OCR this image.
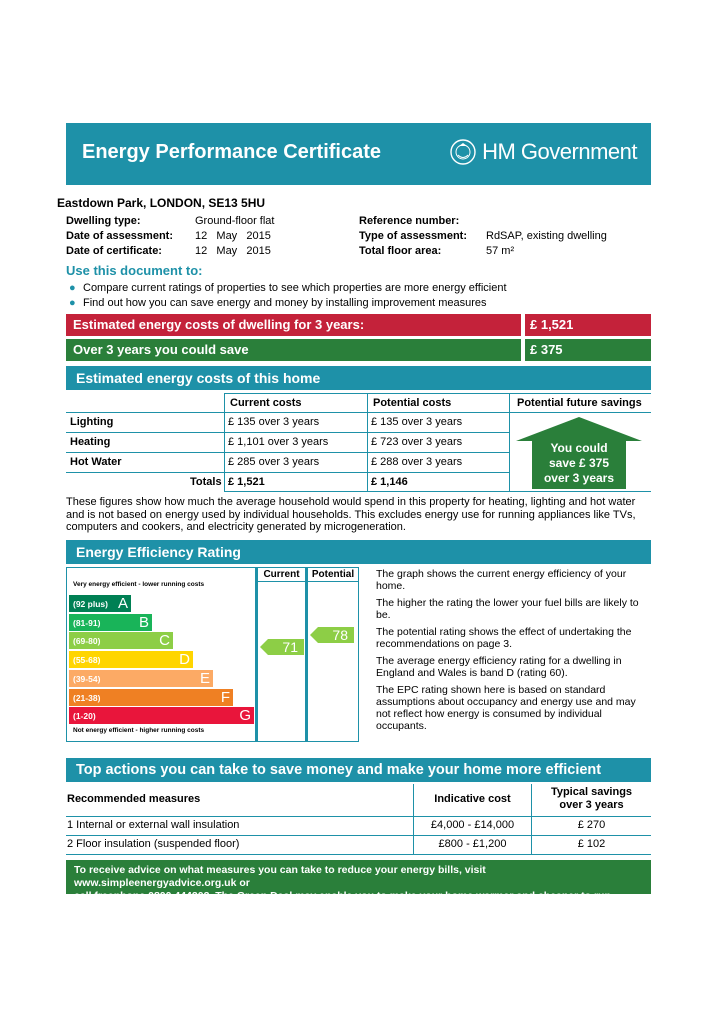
Energy Performance Certificate	HM Government
Eastdown Park, LONDON, SE13 5HU
Dwelling type:	Ground-floor flat
Date of assessment: 12   May   2015
Date of certificate:	12   May   2015
Reference number:
Type of assessment: RdSAP, existing dwelling
Total floor area:	57 m²
Use this document to:
● Compare current ratings of properties to see which properties are more energy efficient
● Find out how you can save energy and money by installing improvement measures
Estimated energy costs of dwelling for 3 years:	£ 1,521
Over 3 years you could save	£ 375
Estimated energy costs of this home
Current costs	Potential costs	Potential future savings
Lighting	£ 135 over 3 years	£ 135 over 3 years
Heating	£ 1,101 over 3 years	£ 723 over 3 years
Hot Water	£ 285 over 3 years	£ 288 over 3 years
Totals £ 1,521	£ 1,146
You could
save £ 375
over 3 years
These figures show how much the average household would spend in this property for heating, lighting and hot water and is not based on energy used by individual households. This excludes energy use for running appliances like TVs, computers and cookers, and electricity generated by microgeneration.
Energy Efficiency Rating
Very energy efficient - lower running costs
(92 plus) A
(81-91)	B
(69-80)	C
(55-68)	D
(39-54)	E
(21-38)	F
(1-20)	G
Not energy efficient - higher running costs
Current	Potential
71
78
The graph shows the current energy efficiency of your home.
The higher the rating the lower your fuel bills are likely to be.
The potential rating shows the effect of undertaking the recommendations on page 3.
The average energy efficiency rating for a dwelling in England and Wales is band D (rating 60).
The EPC rating shown here is based on standard assumptions about occupancy and energy use and may not reflect how energy is consumed by individual occupants.
Top actions you can take to save money and make your home more efficient
Recommended measures	Indicative cost
Typical savings
over 3 years
1 Internal or external wall insulation	£4,000 - £14,000	£ 270
2 Floor insulation (suspended floor)	£800 - £1,200	£ 102
To receive advice on what measures you can take to reduce your energy bills, visit www.simpleenergyadvice.org.uk or
call freephone 0800 444202. The Green Deal may enable you to make your home warmer and cheaper to run.
